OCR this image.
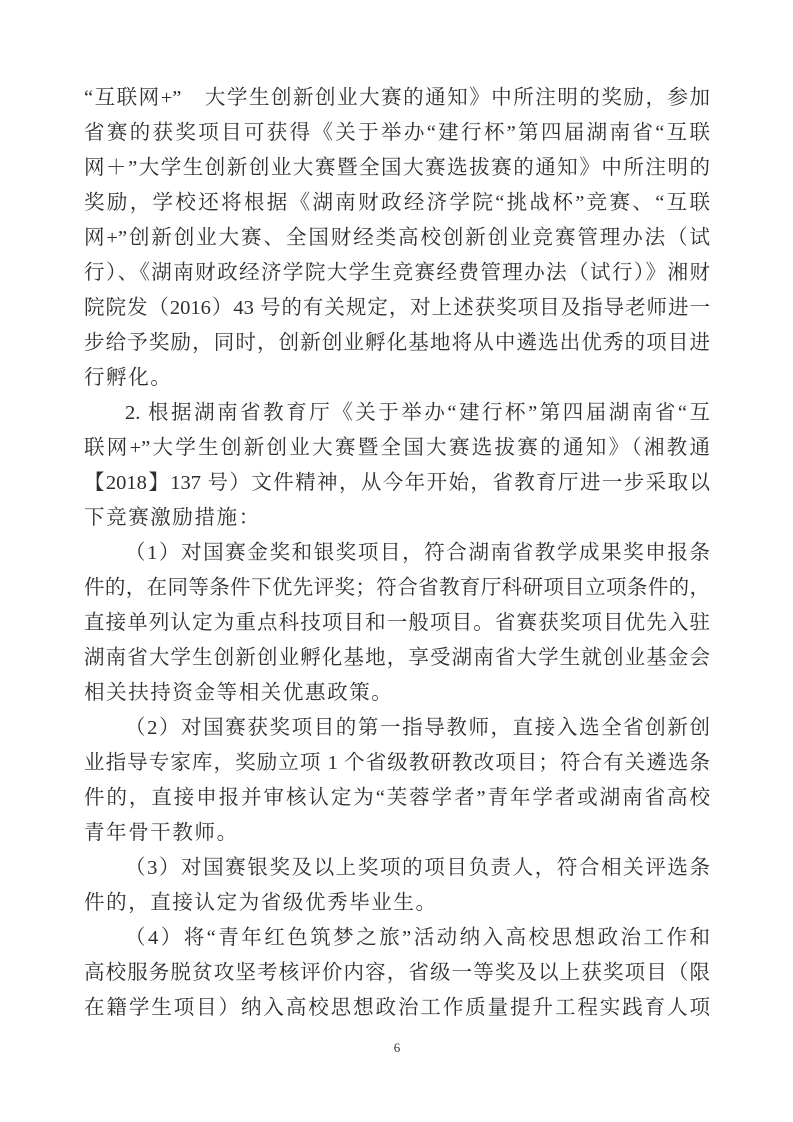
“互联网+”　大学生创新创业大赛的通知》中所注明的奖励，参加
省赛的获奖项目可获得《关于举办“建行杯”第四届湖南省“互联
网＋”大学生创新创业大赛暨全国大赛选拔赛的通知》中所注明的
奖励，学校还将根据《湖南财政经济学院“挑战杯”竞赛、“互联
网+”创新创业大赛、全国财经类高校创新创业竞赛管理办法（试
行）、《湖南财政经济学院大学生竞赛经费管理办法（试行）》湘财
院院发（2016）43 号的有关规定，对上述获奖项目及指导老师进一
步给予奖励，同时，创新创业孵化基地将从中遴选出优秀的项目进
行孵化。
2. 根据湖南省教育厅《关于举办“建行杯”第四届湖南省“互
联网+”大学生创新创业大赛暨全国大赛选拔赛的通知》（湘教通
【2018】137 号）文件精神，从今年开始，省教育厅进一步采取以
下竞赛激励措施：
（1）对国赛金奖和银奖项目，符合湖南省教学成果奖申报条
件的，在同等条件下优先评奖；符合省教育厅科研项目立项条件的，
直接单列认定为重点科技项目和一般项目。省赛获奖项目优先入驻
湖南省大学生创新创业孵化基地，享受湖南省大学生就创业基金会
相关扶持资金等相关优惠政策。
（2）对国赛获奖项目的第一指导教师，直接入选全省创新创
业指导专家库，奖励立项 1 个省级教研教改项目；符合有关遴选条
件的，直接申报并审核认定为“芙蓉学者”青年学者或湖南省高校
青年骨干教师。
（3）对国赛银奖及以上奖项的项目负责人，符合相关评选条
件的，直接认定为省级优秀毕业生。
（4）将“青年红色筑梦之旅”活动纳入高校思想政治工作和
高校服务脱贫攻坚考核评价内容，省级一等奖及以上获奖项目（限
在籍学生项目）纳入高校思想政治工作质量提升工程实践育人项
6
